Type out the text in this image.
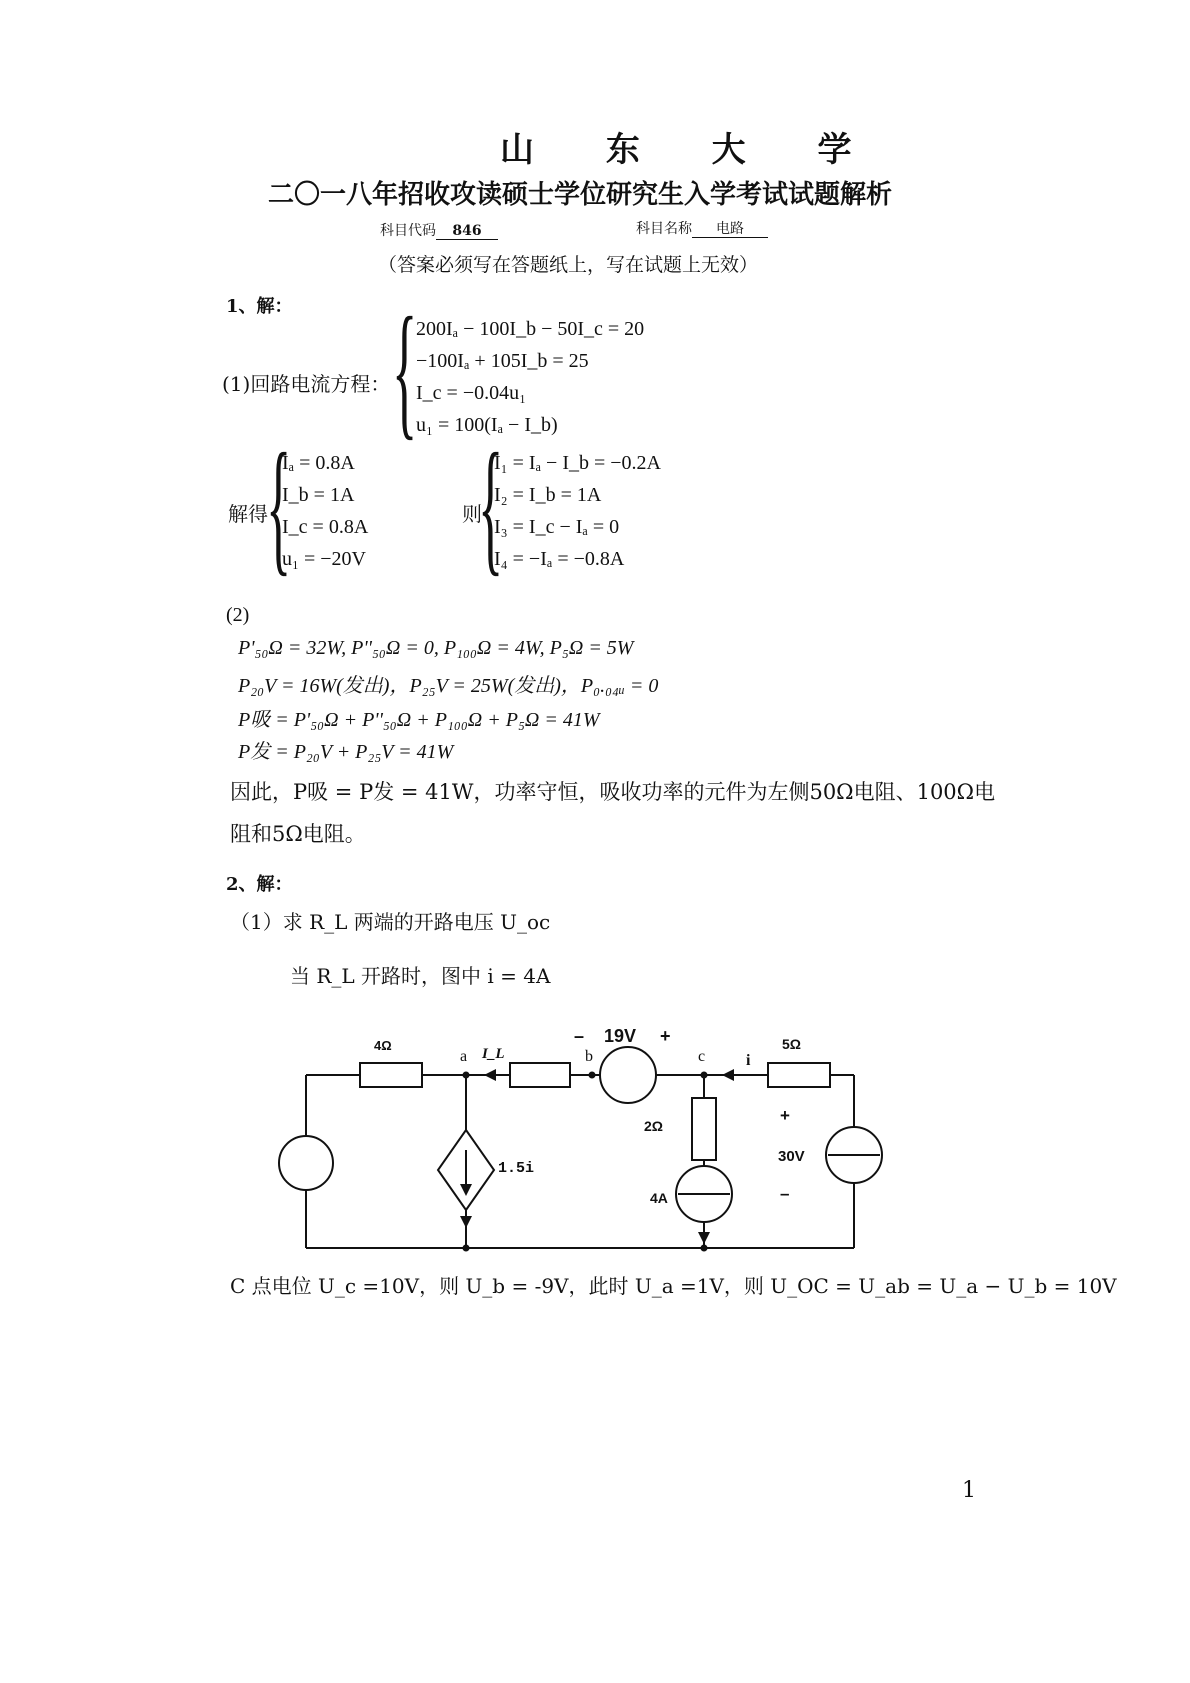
山 东 大 学
二〇一八年招收攻读硕士学位研究生入学考试试题解析
科目代码 846	科目名称 电路
（答案必须写在答题纸上，写在试题上无效）
1、解：
(1)回路电流方程： {
200Iₐ − 100I_b − 50I_c = 20
−100Iₐ + 105I_b = 25
I_c = −0.04u₁
u₁ = 100(Iₐ − I_b)
解得
{
Iₐ = 0.8A
I_b = 1A
I_c = 0.8A
u₁ = −20V
则
{
I₁ = Iₐ − I_b = −0.2A
I₂ = I_b = 1A
I₃ = I_c − Iₐ = 0
I₄ = −Iₐ = −0.8A
(2)
P'₅₀Ω = 32W, P''₅₀Ω = 0, P₁₀₀Ω = 4W, P₅Ω = 5W
P₂₀V = 16W(发出)，P₂₅V = 25W(发出)，P₀.₀₄ᵤ = 0
P吸 = P'₅₀Ω + P''₅₀Ω + P₁₀₀Ω + P₅Ω = 41W
P发 = P₂₀V + P₂₅V = 41W
因此，P吸 = P发 = 41W，功率守恒，吸收功率的元件为左侧50Ω电阻、100Ω电
阻和5Ω电阻。
2、解：
（1）求 R_L 两端的开路电压 U_oc
当 R_L 开路时，图中 i = 4A
4Ω
a I_L	b
– 19V +
c	i
5Ω
2Ω
1.5i
4A
+
30V
–
C 点电位 U_c =10V，则 U_b = -9V，此时 U_a =1V，则 U_OC = U_ab = U_a − U_b = 10V
1
